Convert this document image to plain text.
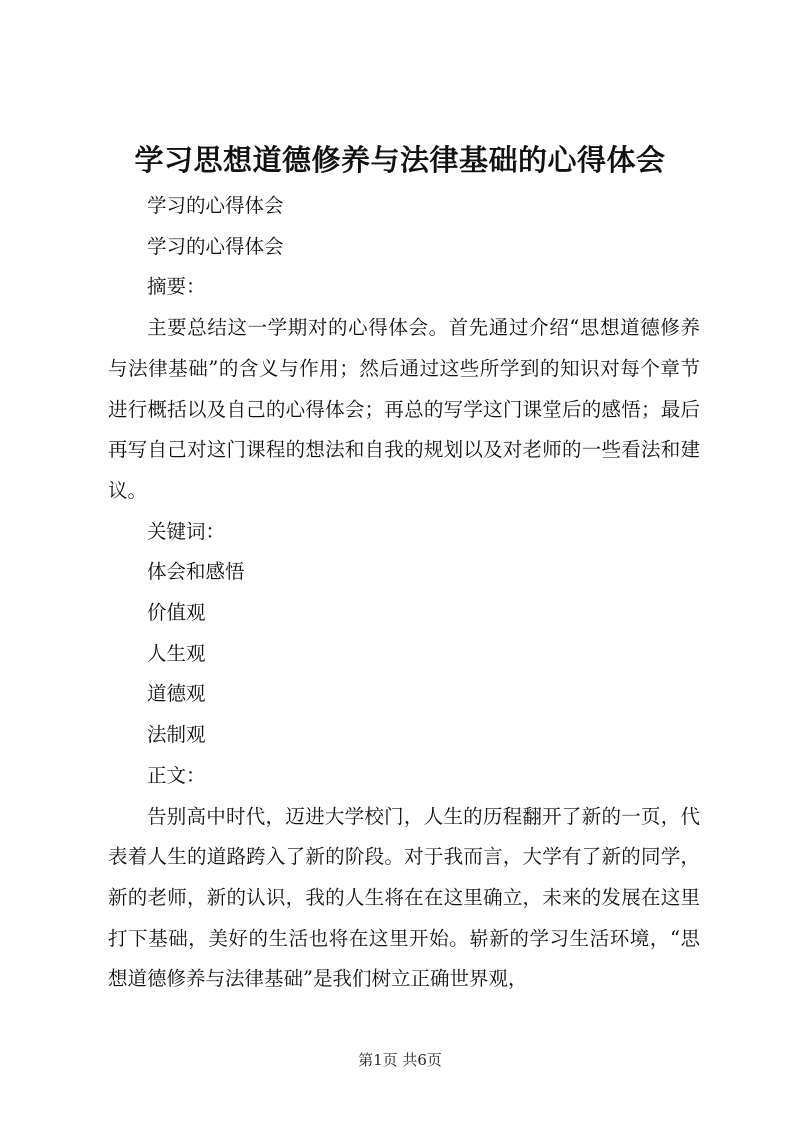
学习思想道德修养与法律基础的心得体会

学习的心得体会

学习的心得体会

摘要：

主要总结这一学期对的心得体会。首先通过介绍“思想道德修养与法律基础”的含义与作用；然后通过这些所学到的知识对每个章节进行概括以及自己的心得体会；再总的写学这门课堂后的感悟；最后再写自己对这门课程的想法和自我的规划以及对老师的一些看法和建议。

关键词：

体会和感悟

价值观

人生观

道德观

法制观

正文：

告别高中时代，迈进大学校门，人生的历程翻开了新的一页，代表着人生的道路跨入了新的阶段。对于我而言，大学有了新的同学，新的老师，新的认识，我的人生将在在这里确立，未来的发展在这里打下基础，美好的生活也将在这里开始。崭新的学习生活环境，“思想道德修养与法律基础”是我们树立正确世界观，

第1页 共6页
